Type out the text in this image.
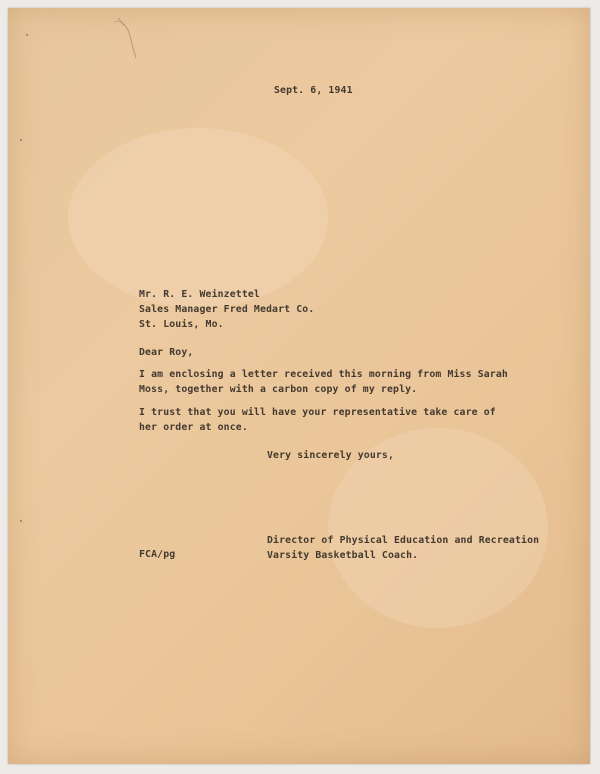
Sept. 6, 1941
Mr. R. E. Weinzettel
Sales Manager Fred Medart Co.
St. Louis, Mo.
Dear Roy,
I am enclosing a letter received this morning from Miss Sarah
Moss, together with a carbon copy of my reply.
I trust that you will have your representative take care of
her order at once.
Very sincerely yours,
Director of Physical Education and Recreation
Varsity Basketball Coach.
FCA/pg
